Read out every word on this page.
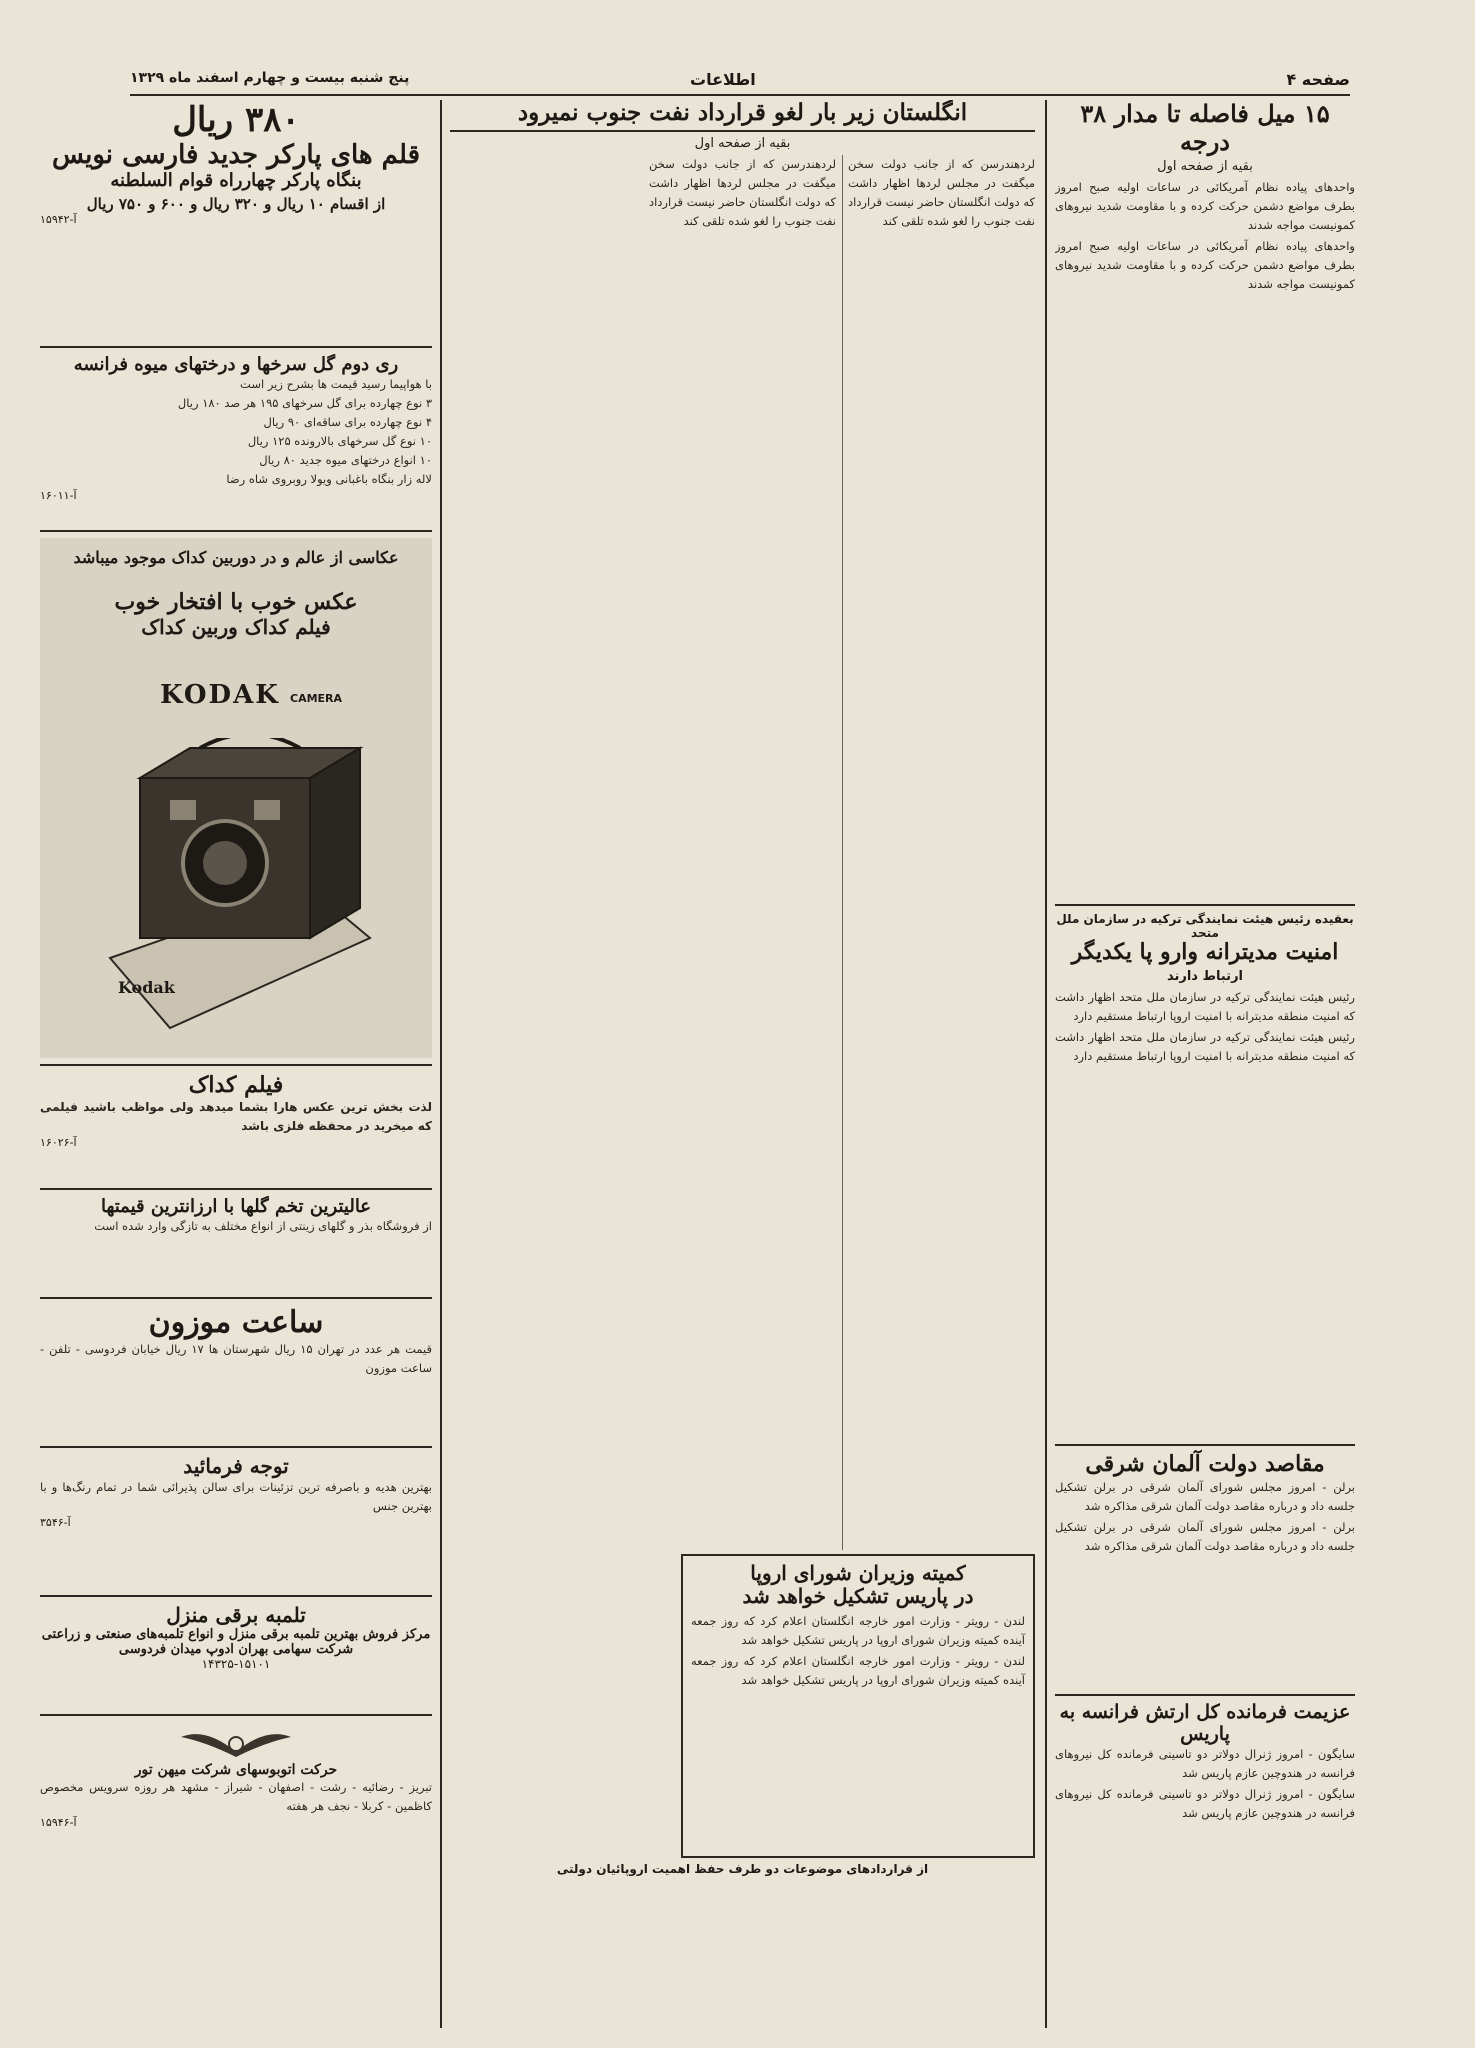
صفحه ۴
اطلاعات
پنج شنبه بیست و چهارم اسفند ماه ۱۳۲۹
۱۵ میل فاصله تا مدار ۳۸ درجه
بقیه از صفحه اول

واحدهای پیاده نظام آمریکائی در ساعات اولیه صبح امروز بطرف مواضع دشمن حرکت کرده و با مقاومت شدید نیروهای کمونیست مواجه شدند

واحدهای پیاده نظام آمریکائی در ساعات اولیه صبح امروز بطرف مواضع دشمن حرکت کرده و با مقاومت شدید نیروهای کمونیست مواجه شدند

بعقیده رئیس هیئت نمایندگی ترکیه در سازمان ملل متحد
امنیت مدیترانه وارو پا یکدیگر
ارتباط دارند

رئیس هیئت نمایندگی ترکیه در سازمان ملل متحد اظهار داشت که امنیت منطقه مدیترانه با امنیت اروپا ارتباط مستقیم دارد

رئیس هیئت نمایندگی ترکیه در سازمان ملل متحد اظهار داشت که امنیت منطقه مدیترانه با امنیت اروپا ارتباط مستقیم دارد

مقاصد دولت آلمان شرقی

برلن - امروز مجلس شورای آلمان شرقی در برلن تشکیل جلسه داد و درباره مقاصد دولت آلمان شرقی مذاکره شد

برلن - امروز مجلس شورای آلمان شرقی در برلن تشکیل جلسه داد و درباره مقاصد دولت آلمان شرقی مذاکره شد

عزیمت فرمانده کل ارتش فرانسه به پاریس

سایگون - امروز ژنرال دولاتر دو تاسینی فرمانده کل نیروهای فرانسه در هندوچین عازم پاریس شد

سایگون - امروز ژنرال دولاتر دو تاسینی فرمانده کل نیروهای فرانسه در هندوچین عازم پاریس شد

انگلستان زیر بار لغو قرارداد نفت جنوب نمیرود
بقیه از صفحه اول

لردهندرسن که از جانب دولت سخن میگفت در مجلس لردها اظهار داشت که دولت انگلستان حاضر نیست قرارداد نفت جنوب را لغو شده تلقی کند

لردهندرسن که از جانب دولت سخن میگفت در مجلس لردها اظهار داشت که دولت انگلستان حاضر نیست قرارداد نفت جنوب را لغو شده تلقی کند

کمیته وزیران شورای اروپا
در پاریس تشکیل خواهد شد

لندن - رویتر - وزارت امور خارجه انگلستان اعلام کرد که روز جمعه آینده کمیته وزیران شورای اروپا در پاریس تشکیل خواهد شد

لندن - رویتر - وزارت امور خارجه انگلستان اعلام کرد که روز جمعه آینده کمیته وزیران شورای اروپا در پاریس تشکیل خواهد شد

از قراردادهای موضوعات دو طرف حفظ اهمیت اروپائیان دولتی
۳۸۰ ریال
قلم های پارکر جدید فارسی نویس
بنگاه پارکر چهارراه قوام السلطنه
از اقسام ۱۰ ریال و ۳۲۰ ریال و ۶۰۰ و ۷۵۰ ریال
آ-۱۵۹۴۲
ری دوم گل سرخها و درختهای میوه فرانسه
با هواپیما رسید قیمت ها بشرح زیر است
۳ نوع چهارده برای گل سرخهای ۱۹۵ هر صد ۱۸۰ ریال
۴ نوع چهارده برای ساقه‌ای ۹۰ ریال
۱۰ نوع گل سرخهای بالارونده ۱۲۵ ریال
۱۰ انواع درختهای میوه جدید ۸۰ ریال
لاله زار بنگاه باغبانی ویولا روبروی شاه رضا
آ-۱۶۰۱۱
عکاسی از عالم و در دوربین کداک موجود میباشد
عکس خوب با افتخار خوب
فیلم کداک وربین کداک
KODAK CAMERA
Kodak
فیلم کداک
لذت بخش ترین عکس هارا بشما میدهد ولی مواظب باشید فیلمی که میخرید در محفظه فلزی باشد
آ-۱۶۰۲۶
عالیترین تخم گلها با ارزانترین قیمتها
از فروشگاه بذر و گلهای زینتی از انواع مختلف به تازگی وارد شده است
ساعت موزون
قیمت هر عدد در تهران ۱۵ ریال شهرستان ها ۱۷ ریال خیابان فردوسی - تلفن - ساعت موزون
توجه فرمائید
بهترین هدیه و باصرفه ترین تزئینات برای سالن پذیرائی شما در تمام رنگ‌ها و با بهترین جنس
آ-۳۵۴۶
تلمبه برقی منزل
مرکز فروش بهترین تلمبه برقی منزل و انواع تلمبه‌های صنعتی و زراعتی
شرکت سهامی بهران ادوپ میدان فردوسی
۱۴۳۲۵-۱۵۱۰۱
حرکت اتوبوسهای شرکت میهن تور
تبریز - رضائیه - رشت - اصفهان - شیراز - مشهد هر روزه سرویس مخصوص کاظمین - کربلا - نجف هر هفته
آ-۱۵۹۴۶
